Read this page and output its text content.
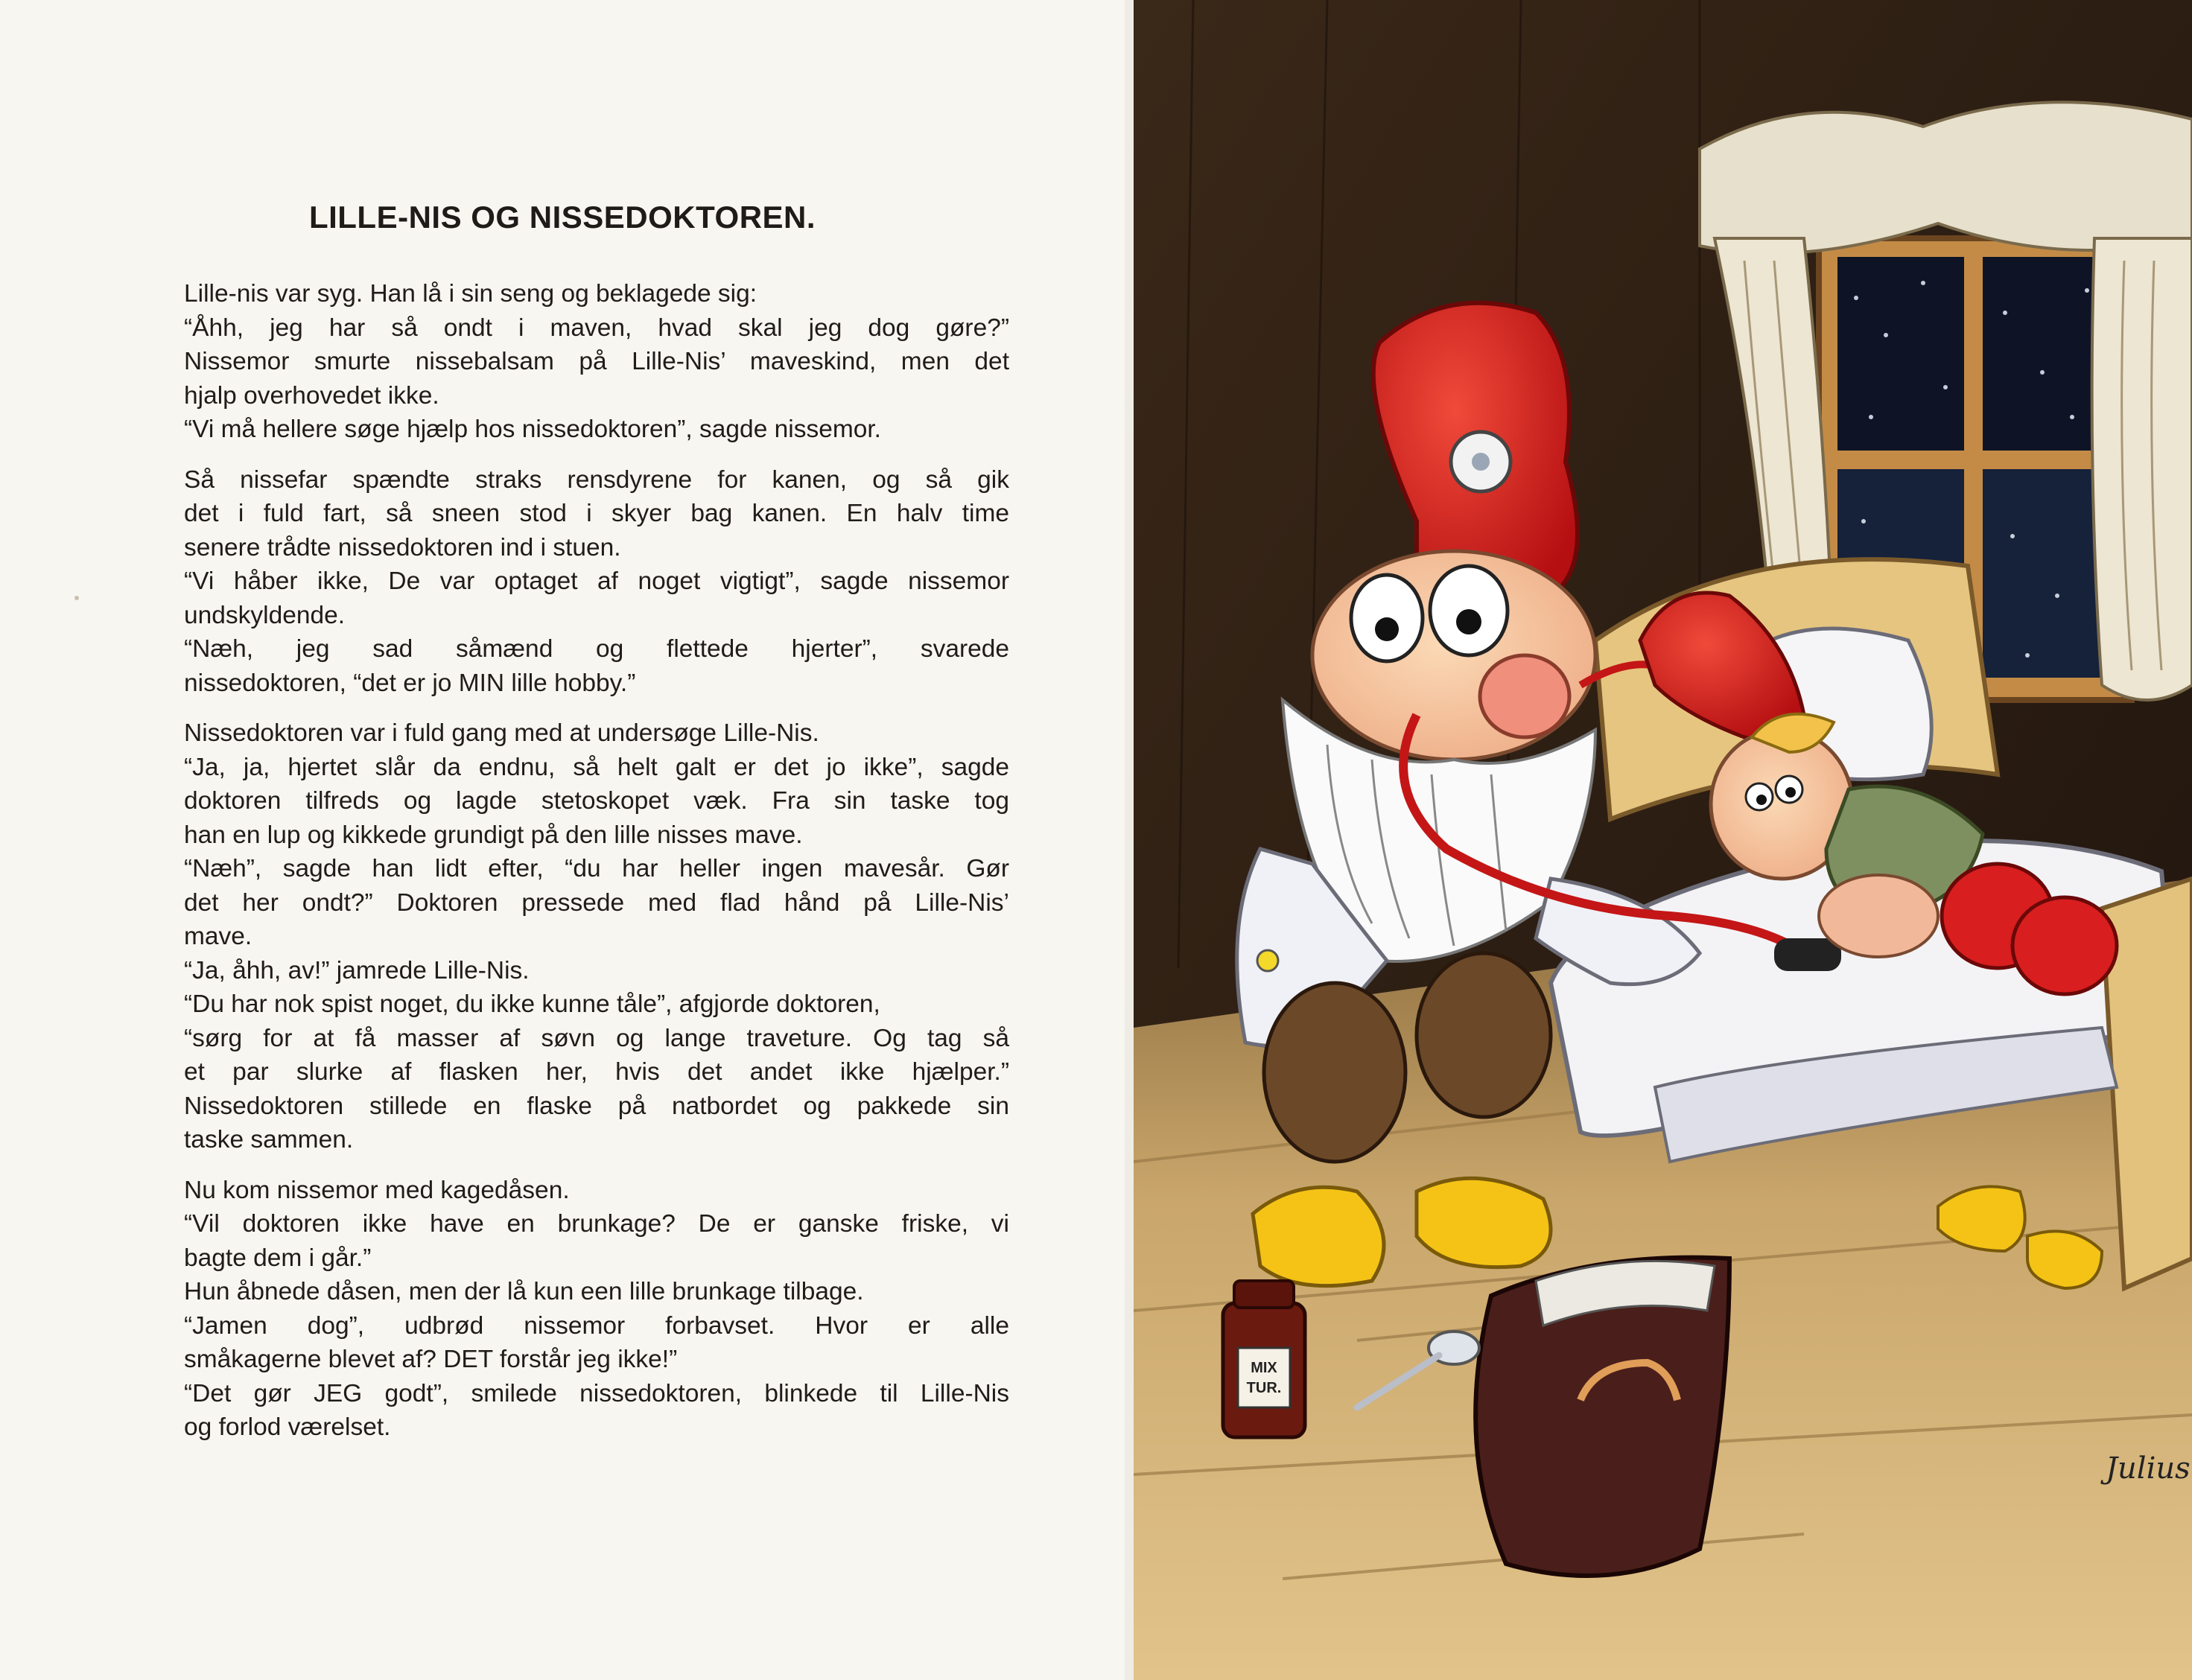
LILLE-NIS OG NISSEDOKTOREN.

Lille-nis var syg. Han lå i sin seng og beklagede sig:
“Åhh, jeg har så ondt i maven, hvad skal jeg dog gøre?”
Nissemor smurte nissebalsam på Lille-Nis’ maveskind, men det
hjalp overhovedet ikke.
“Vi må hellere søge hjælp hos nissedoktoren”, sagde nissemor.

Så nissefar spændte straks rensdyrene for kanen, og så gik
det i fuld fart, så sneen stod i skyer bag kanen. En halv time
senere trådte nissedoktoren ind i stuen.
“Vi håber ikke, De var optaget af noget vigtigt”, sagde nissemor
undskyldende.
“Næh, jeg sad såmænd og flettede hjerter”, svarede
nissedoktoren, “det er jo MIN lille hobby.”

Nissedoktoren var i fuld gang med at undersøge Lille-Nis.
“Ja, ja, hjertet slår da endnu, så helt galt er det jo ikke”, sagde
doktoren tilfreds og lagde stetoskopet væk. Fra sin taske tog
han en lup og kikkede grundigt på den lille nisses mave.
“Næh”, sagde han lidt efter, “du har heller ingen mavesår. Gør
det her ondt?” Doktoren pressede med flad hånd på Lille-Nis’
mave.
“Ja, åhh, av!” jamrede Lille-Nis.
“Du har nok spist noget, du ikke kunne tåle”, afgjorde doktoren,
“sørg for at få masser af søvn og lange traveture. Og tag så
et par slurke af flasken her, hvis det andet ikke hjælper.”
Nissedoktoren stillede en flaske på natbordet og pakkede sin
taske sammen.

Nu kom nissemor med kagedåsen.
“Vil doktoren ikke have en brunkage? De er ganske friske, vi
bagte dem i går.”
Hun åbnede dåsen, men der lå kun een lille brunkage tilbage.
“Jamen dog”, udbrød nissemor forbavset. Hvor er alle
småkagerne blevet af? DET forstår jeg ikke!”
“Det gør JEG godt”, smilede nissedoktoren, blinkede til Lille-Nis
og forlod værelset.

MIX
TUR.
Julius
